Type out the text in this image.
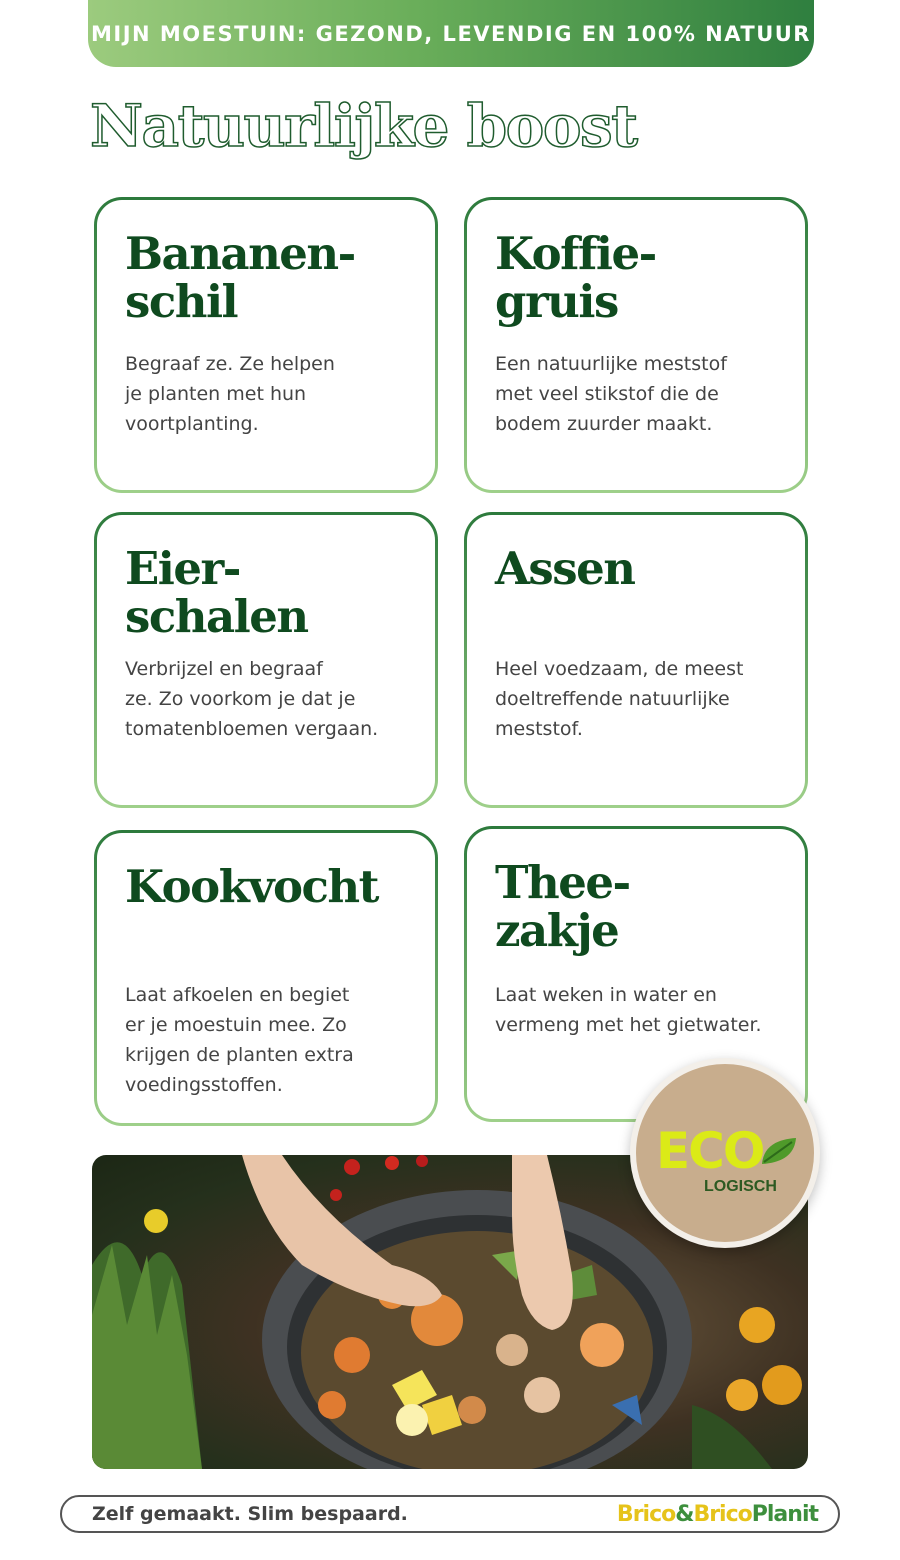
MIJN MOESTUIN: GEZOND, LEVENDIG EN 100% NATUUR
Natuurlijke boost
Bananen-
schil
Begraaf ze. Ze helpen
je planten met hun
voortplanting.
Koffie-
gruis
Een natuurlijke meststof
met veel stikstof die de
bodem zuurder maakt.
Eier-
schalen
Verbrijzel en begraaf
ze. Zo voorkom je dat je
tomatenbloemen vergaan.
Assen
Heel voedzaam, de meest
doeltreffende natuurlijke
meststof.
Kookvocht
Laat afkoelen en begiet
er je moestuin mee. Zo
krijgen de planten extra
voedingsstoffen.
Thee-
zakje
Laat weken in water en
vermeng met het gietwater.
ECO
LOGISCH
Zelf gemaakt. Slim bespaard.	Brico&BricoPlanit
